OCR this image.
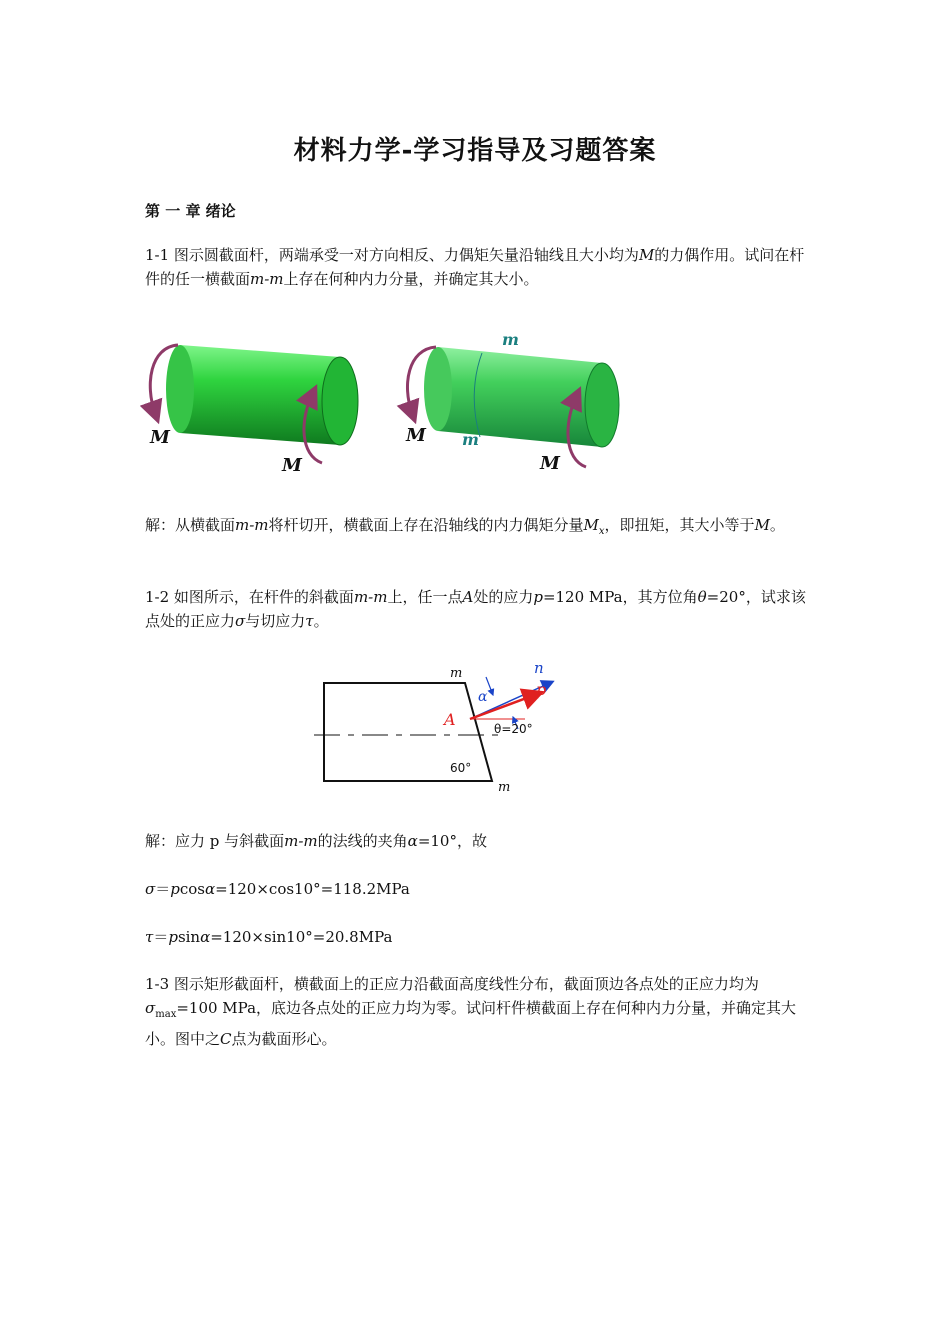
材料力学-学习指导及习题答案
第 一 章 绪论
1-1 图示圆截面杆，两端承受一对方向相反、力偶矩矢量沿轴线且大小均为M的力偶作用。试问在杆件的任一横截面m-m上存在何种内力分量，并确定其大小。
M
M
m
m
M
M
解：从横截面m-m将杆切开，横截面上存在沿轴线的内力偶矩分量$M_x$，即扭矩，其大小等于M。
1-2 如图所示，在杆件的斜截面m-m上，任一点A处的应力p=120 MPa，其方位角θ=20°，试求该点处的正应力σ与切应力τ。
m
m
n
p
α
A	θ=20°
60°
解：应力 p 与斜截面m-m的法线的夹角α=10°，故
σ＝pcosα=120×cos10°=118.2MPa
τ＝psinα=120×sin10°=20.8MPa
1-3 图示矩形截面杆，横截面上的正应力沿截面高度线性分布，截面顶边各点处的正应力均为$\sigma_{max}=100$ MPa，底边各点处的正应力均为零。试问杆件横截面上存在何种内力分量，并确定其大小。图中之C点为截面形心。
